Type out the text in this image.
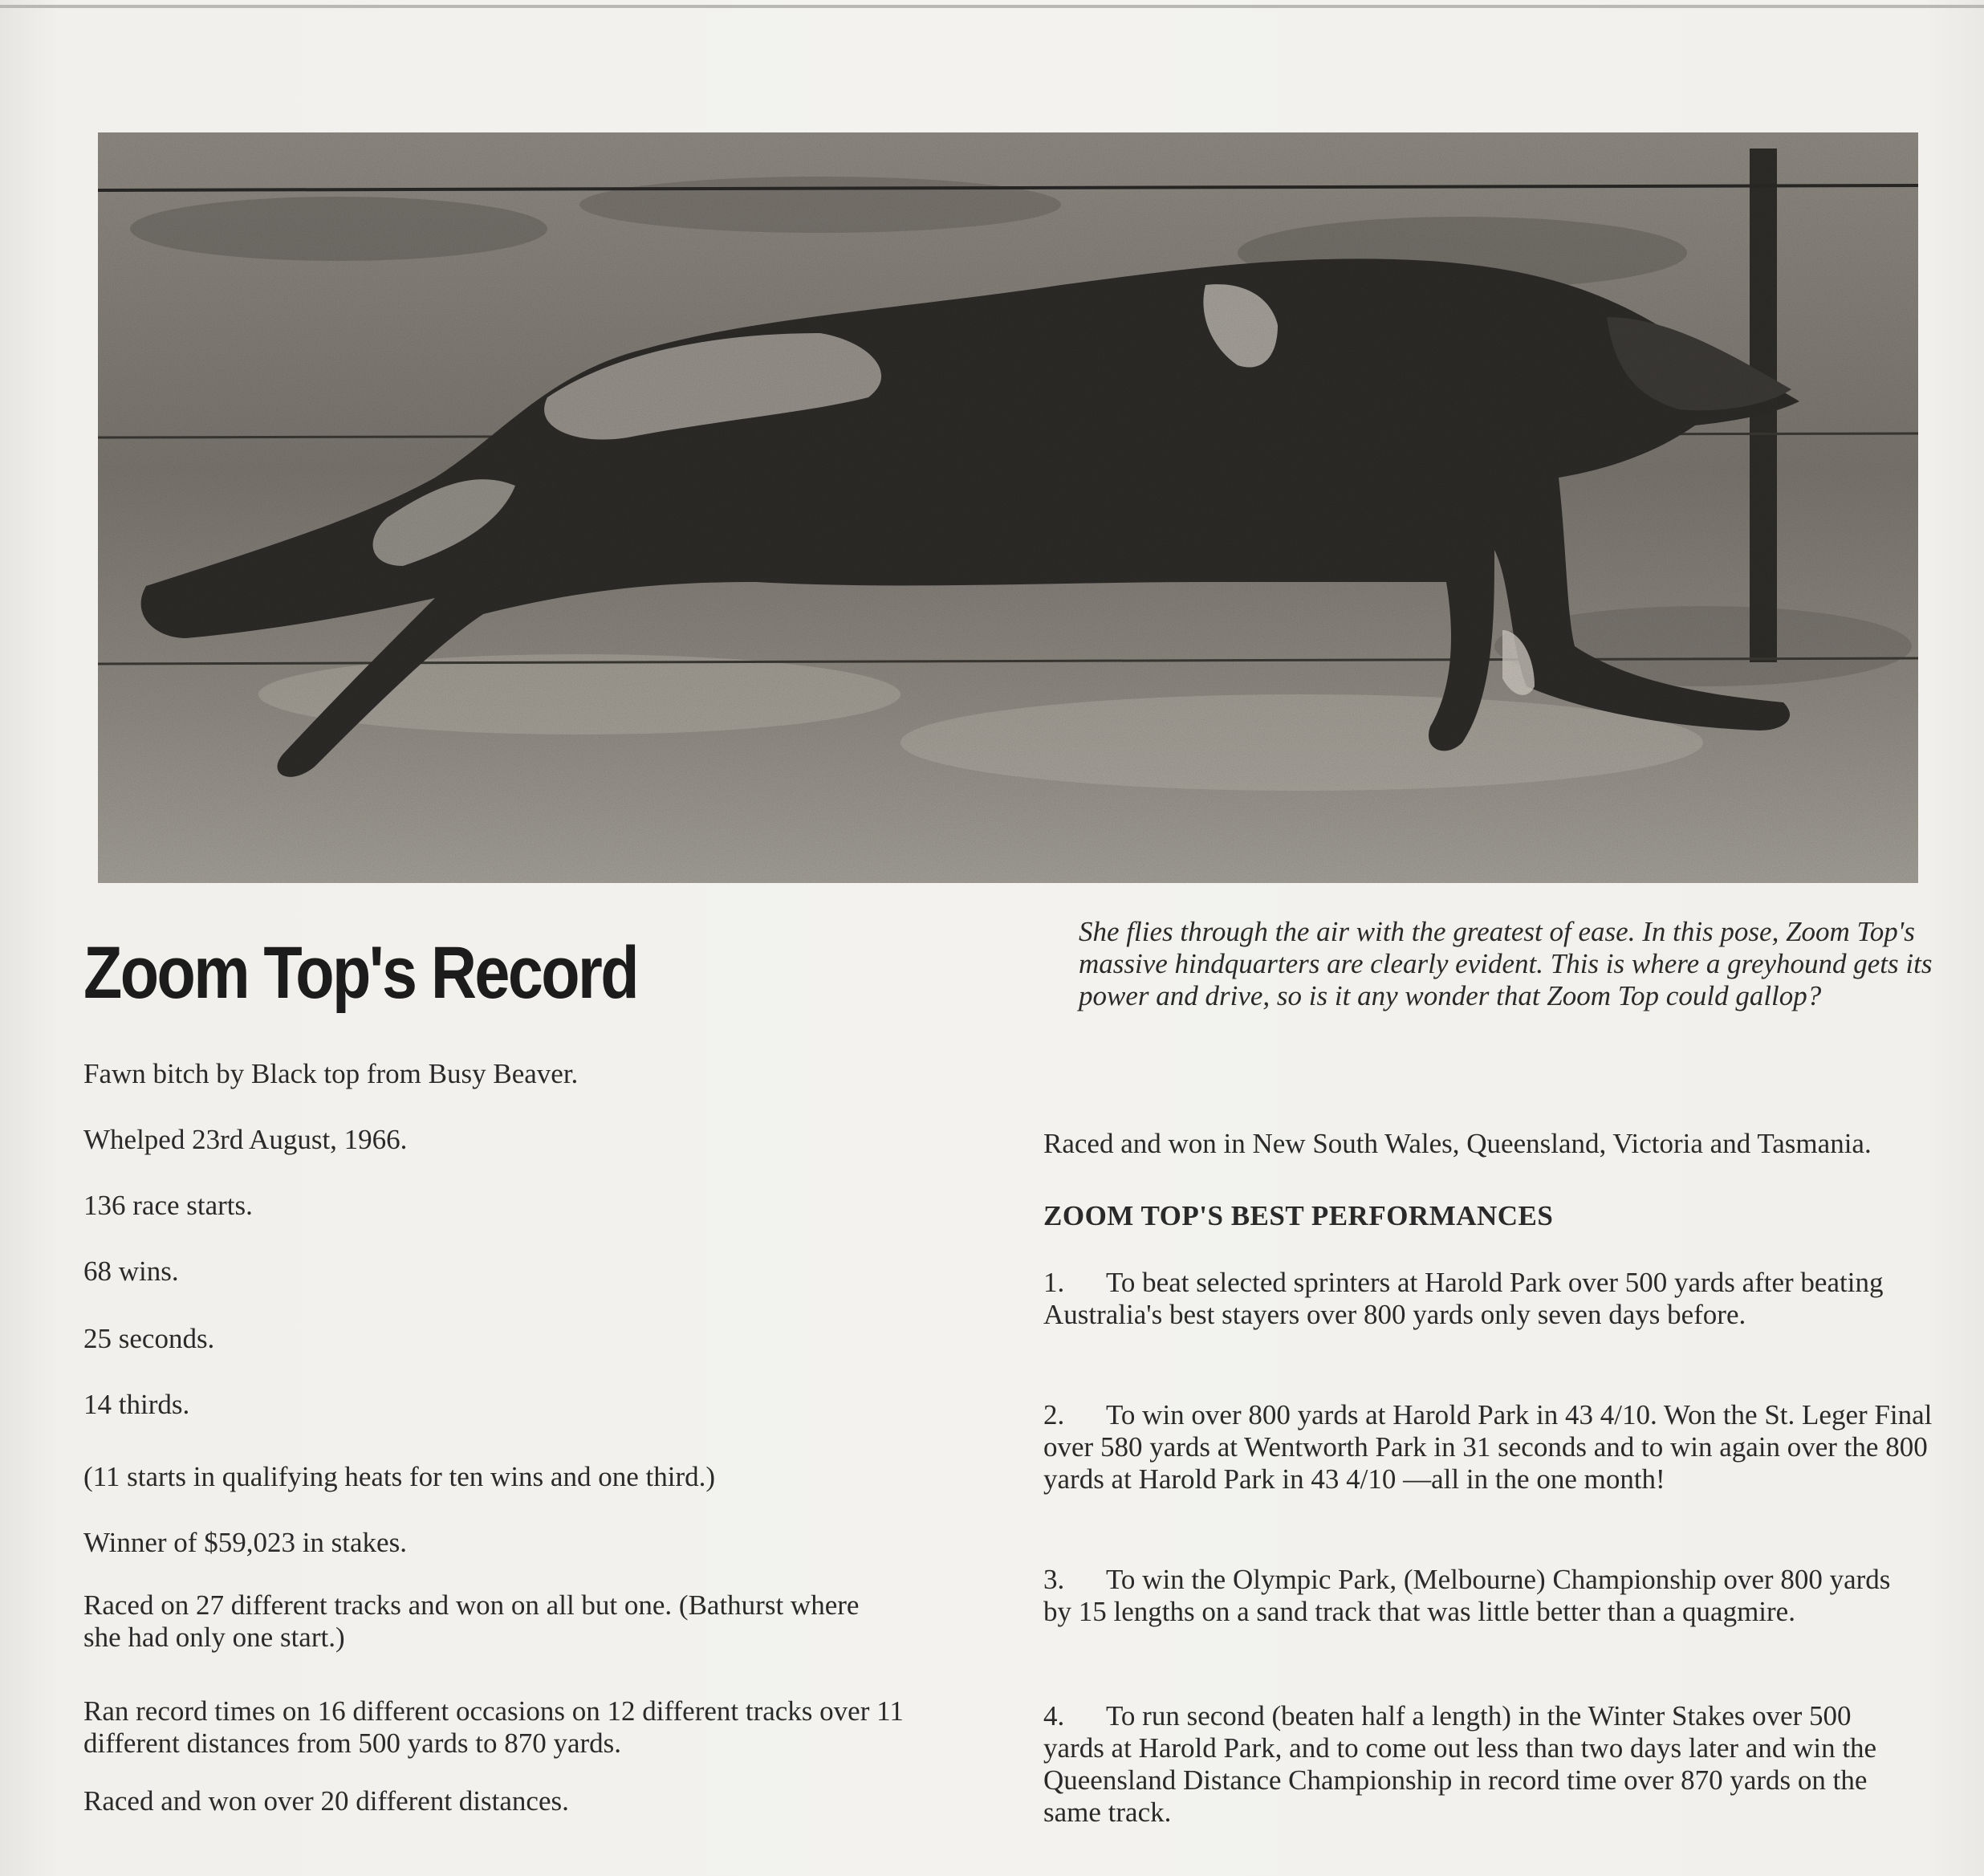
Zoom Top's Record

Fawn bitch by Black top from Busy Beaver.

Whelped 23rd August, 1966.

136 race starts.

68 wins.

25 seconds.

14 thirds.

(11 starts in qualifying heats for ten wins and one third.)

Winner of $59,023 in stakes.

Raced on 27 different tracks and won on all but one. (Bathurst where she had only one start.)

Ran record times on 16 different occasions on 12 different tracks over 11 different distances from 500 yards to 870 yards.

Raced and won over 20 different distances.

She flies through the air with the greatest of ease. In this pose, Zoom Top's massive hindquarters are clearly evident. This is where a greyhound gets its power and drive, so is it any wonder that Zoom Top could gallop?

Raced and won in New South Wales, Queensland, Victoria and Tasmania.

ZOOM TOP'S BEST PERFORMANCES

1. To beat selected sprinters at Harold Park over 500 yards after beating Australia's best stayers over 800 yards only seven days before.

2. To win over 800 yards at Harold Park in 43 4/10. Won the St. Leger Final over 580 yards at Wentworth Park in 31 seconds and to win again over the 800 yards at Harold Park in 43 4/10 —all in the one month!

3. To win the Olympic Park, (Melbourne) Championship over 800 yards by 15 lengths on a sand track that was little better than a quagmire.

4. To run second (beaten half a length) in the Winter Stakes over 500 yards at Harold Park, and to come out less than two days later and win the Queensland Distance Championship in record time over 870 yards on the same track.
